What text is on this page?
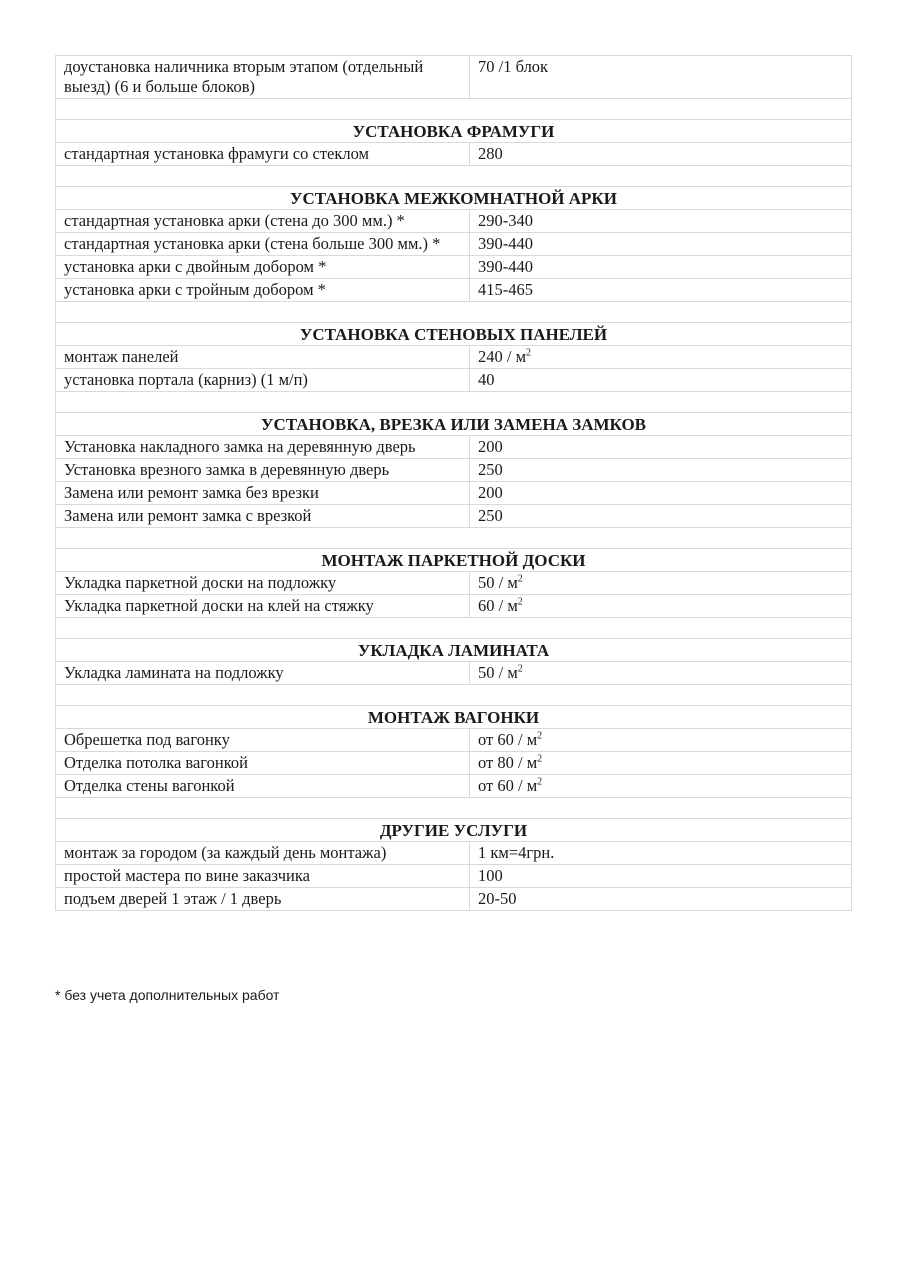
доустановка наличника вторым этапом (отдельный выезд) (6 и больше блоков)	70 /1 блок

УСТАНОВКА ФРАМУГИ	
стандартная установка фрамуги со стеклом	280

УСТАНОВКА МЕЖКОМНАТНОЙ АРКИ	
стандартная установка арки (стена до 300 мм.) *	290-340
стандартная установка арки (стена больше 300 мм.) *	390-440
установка арки с двойным добором *	390-440
установка арки с тройным добором *	415-465

УСТАНОВКА СТЕНОВЫХ ПАНЕЛЕЙ	
монтаж панелей	$240 / м^2$
установка портала (карниз) (1 м/п)	40

УСТАНОВКА, ВРЕЗКА ИЛИ ЗАМЕНА ЗАМКОВ	
Установка накладного замка на деревянную дверь	200
Установка врезного замка в деревянную дверь	250
Замена или ремонт замка без врезки	200
Замена или ремонт замка с врезкой	250

МОНТАЖ ПАРКЕТНОЙ ДОСКИ	
Укладка паркетной доски на подложку	$50 / м^2$
Укладка паркетной доски на клей на стяжку	$60 / м^2$

УКЛАДКА ЛАМИНАТА	
Укладка ламината на подложку	$50 / м^2$

МОНТАЖ ВАГОНКИ	
Обрешетка под вагонку	от $60 / м^2$
Отделка потолка вагонкой	от $80 / м^2$
Отделка стены вагонкой	от $60 / м^2$

ДРУГИЕ УСЛУГИ	
монтаж за городом (за каждый день монтажа)	1 км=4грн.
простой мастера по вине заказчика	100
подъем дверей 1 этаж / 1 дверь	20-50
* без учета дополнительных работ
